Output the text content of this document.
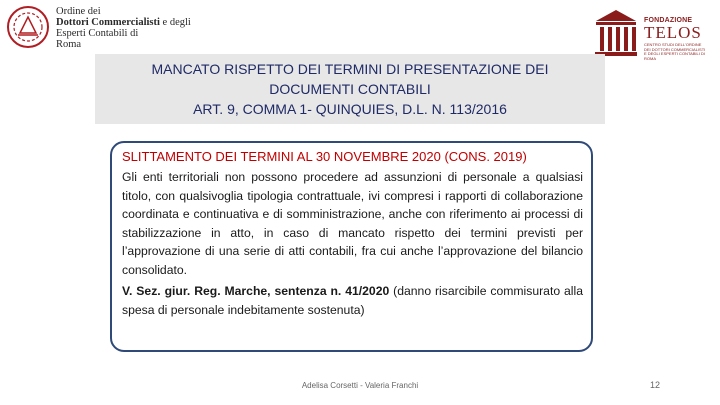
Ordine dei
Dottori Commercialisti e degli
Esperti Contabili di
Roma
FONDAZIONE
TELOS
CENTRO STUDI DELL'ORDINE DEI DOTTORI COMMERCIALISTI E DEGLI ESPERTI CONTABILI DI ROMA
MANCATO RISPETTO DEI TERMINI DI PRESENTAZIONE DEI
DOCUMENTI CONTABILI
ART. 9, COMMA 1- QUINQUIES, D.L. N. 113/2016
SLITTAMENTO DEI TERMINI AL 30 NOVEMBRE 2020 (CONS. 2019)

Gli enti territoriali non possono procedere ad assunzioni di personale a qualsiasi titolo, con qualsivoglia tipologia contrattuale, ivi compresi i rapporti di collaborazione coordinata e continuativa e di somministrazione, anche con riferimento ai processi di stabilizzazione in atto, in caso di mancato rispetto dei termini previsti per l’approvazione di una serie di atti contabili, fra cui anche l’approvazione del bilancio consolidato.

V. Sez. giur. Reg. Marche, sentenza n. 41/2020 (danno risarcibile commisurato alla spesa di personale indebitamente sostenuta)

Adelisa Corsetti - Valeria Franchi	12
